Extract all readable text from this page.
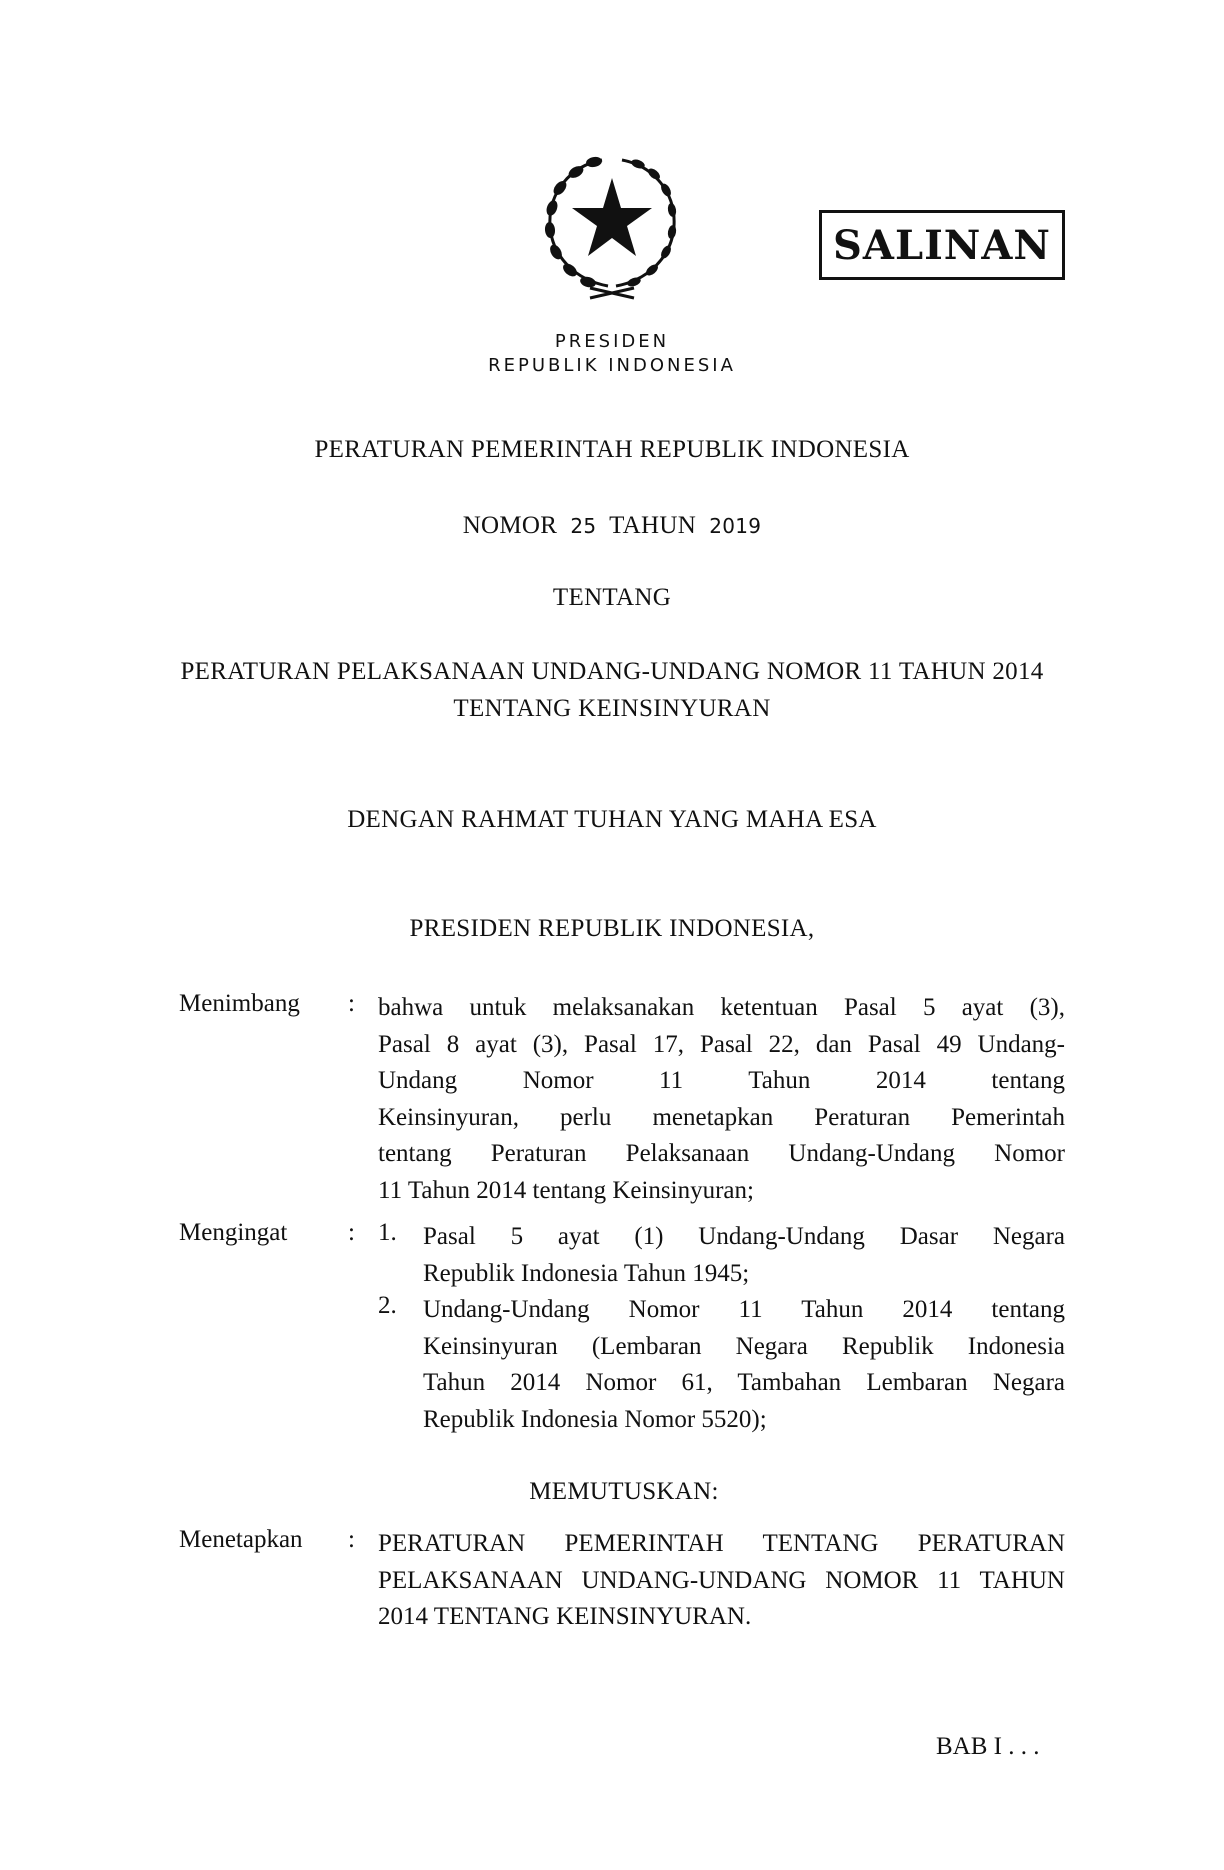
SALINAN
PRESIDEN
REPUBLIK INDONESIA
PERATURAN PEMERINTAH REPUBLIK INDONESIA
NOMOR 25 TAHUN 2019
TENTANG
PERATURAN PELAKSANAAN UNDANG-UNDANG NOMOR 11 TAHUN 2014
TENTANG KEINSINYURAN
DENGAN RAHMAT TUHAN YANG MAHA ESA
PRESIDEN REPUBLIK INDONESIA,
Menimbang : bahwa untuk melaksanakan ketentuan Pasal 5 ayat (3),
Pasal 8 ayat (3), Pasal 17, Pasal 22, dan Pasal 49 Undang-
Undang Nomor 11 Tahun 2014 tentang
Keinsinyuran, perlu menetapkan Peraturan Pemerintah
tentang Peraturan Pelaksanaan Undang-Undang Nomor
11 Tahun 2014 tentang Keinsinyuran;
Mengingat : 1. Pasal 5 ayat (1) Undang-Undang Dasar Negara
Republik Indonesia Tahun 1945;
2. Undang-Undang Nomor 11 Tahun 2014 tentang
Keinsinyuran (Lembaran Negara Republik Indonesia
Tahun 2014 Nomor 61, Tambahan Lembaran Negara
Republik Indonesia Nomor 5520);
MEMUTUSKAN:
Menetapkan : PERATURAN PEMERINTAH TENTANG PERATURAN
PELAKSANAAN UNDANG-UNDANG NOMOR 11 TAHUN
2014 TENTANG KEINSINYURAN.
BAB I . . .
